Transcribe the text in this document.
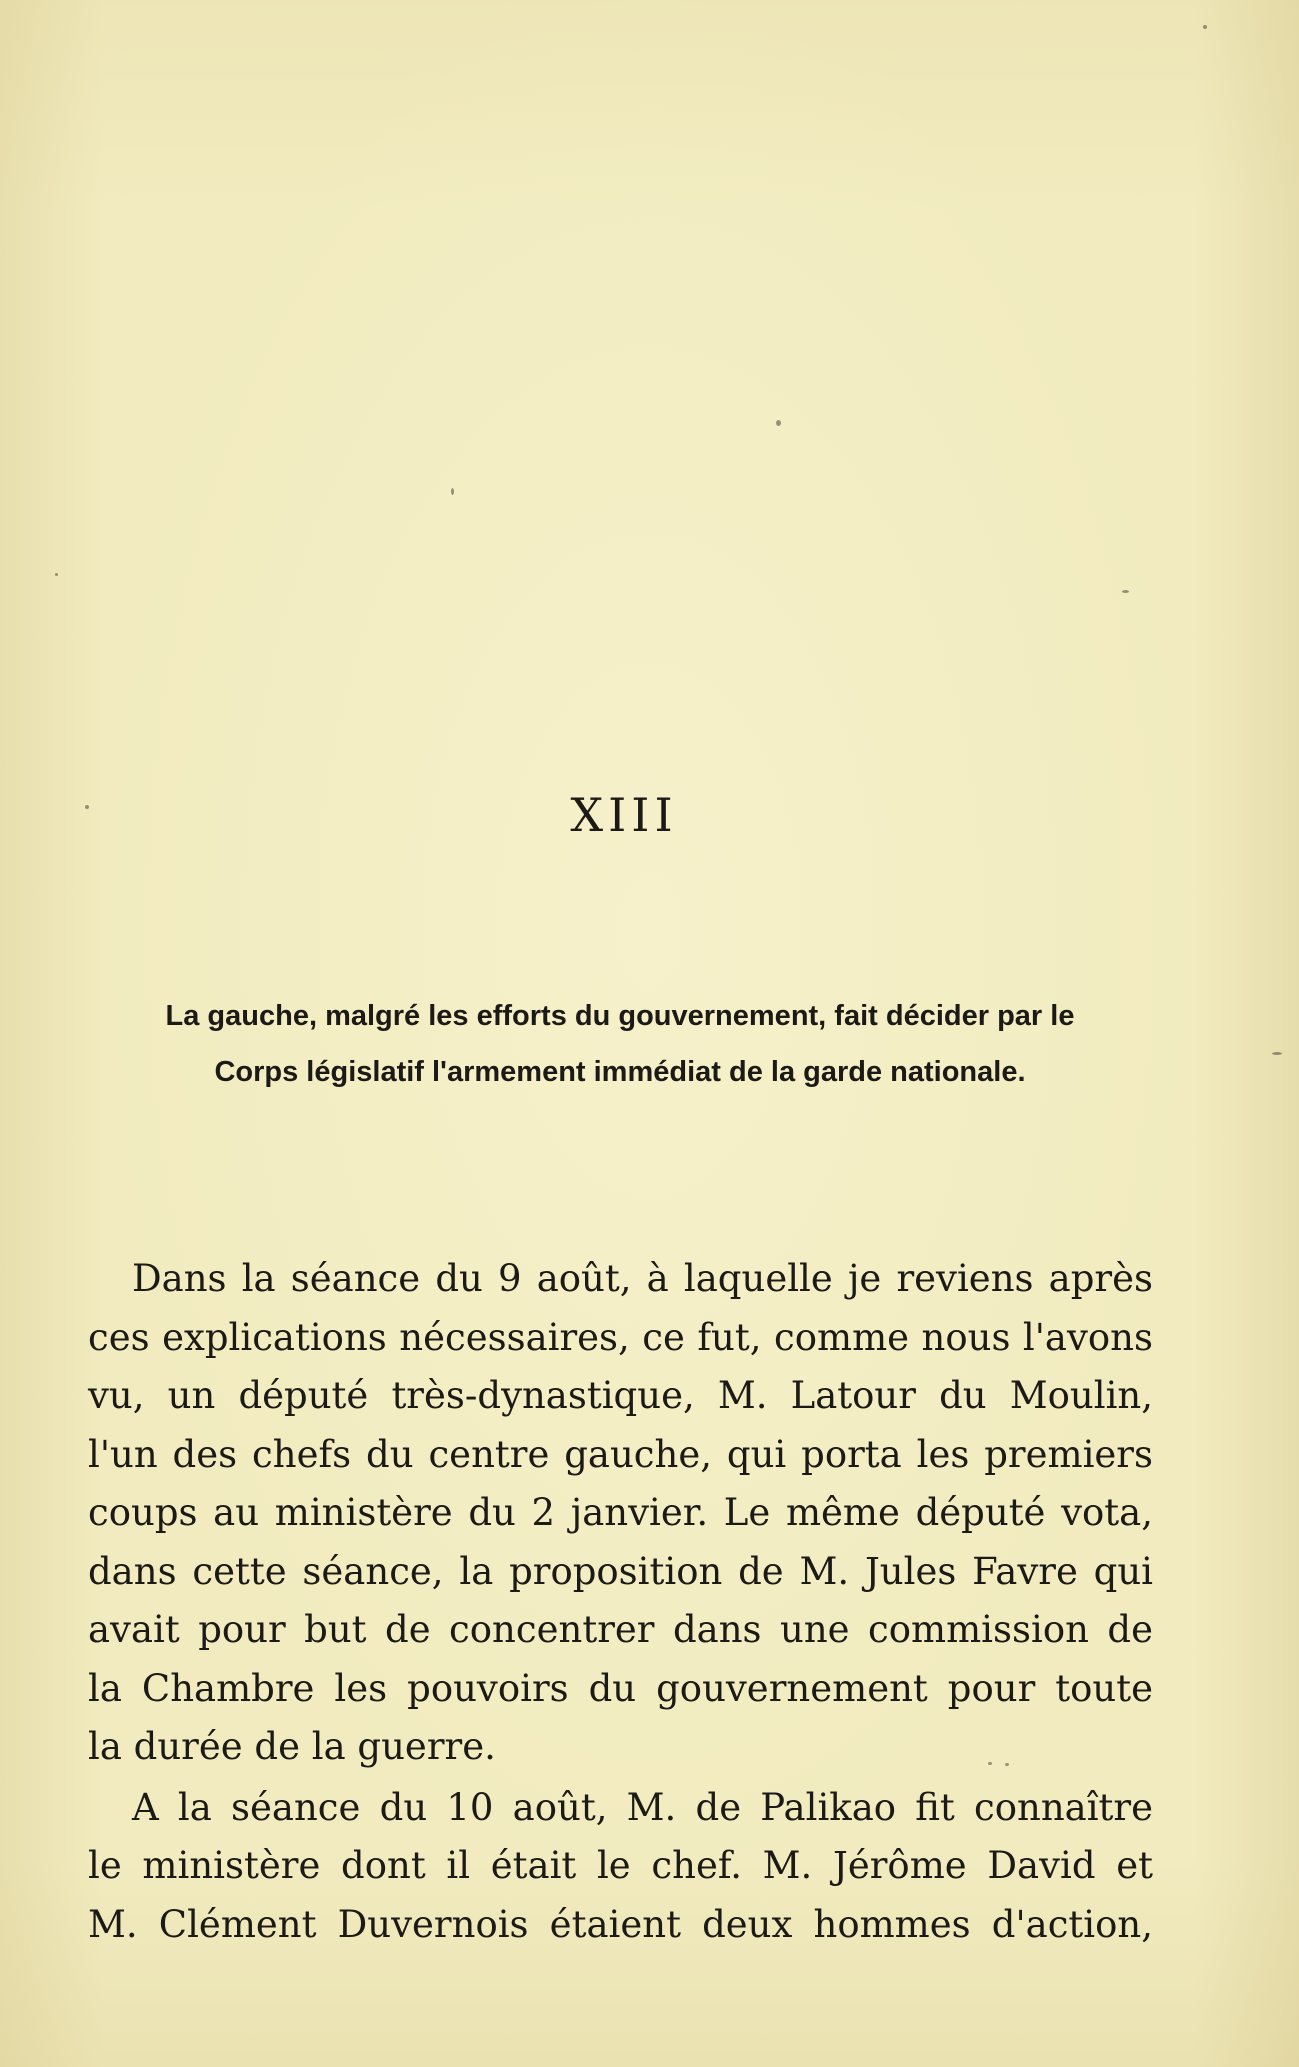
XIII
La gauche, malgré les efforts du gouvernement, fait décider par le
Corps législatif l'armement immédiat de la garde nationale.

Dans la séance du 9 août, à laquelle je reviens après
ces explications nécessaires, ce fut, comme nous l'avons
vu, un député très-dynastique, M. Latour du Moulin,
l'un des chefs du centre gauche, qui porta les premiers
coups au ministère du 2 janvier. Le même député vota,
dans cette séance, la proposition de M. Jules Favre qui
avait pour but de concentrer dans une commission de
la Chambre les pouvoirs du gouvernement pour toute
la durée de la guerre.

A la séance du 10 août, M. de Palikao fit connaître
le ministère dont il était le chef. M. Jérôme David et
M. Clément Duvernois étaient deux hommes d'action,
